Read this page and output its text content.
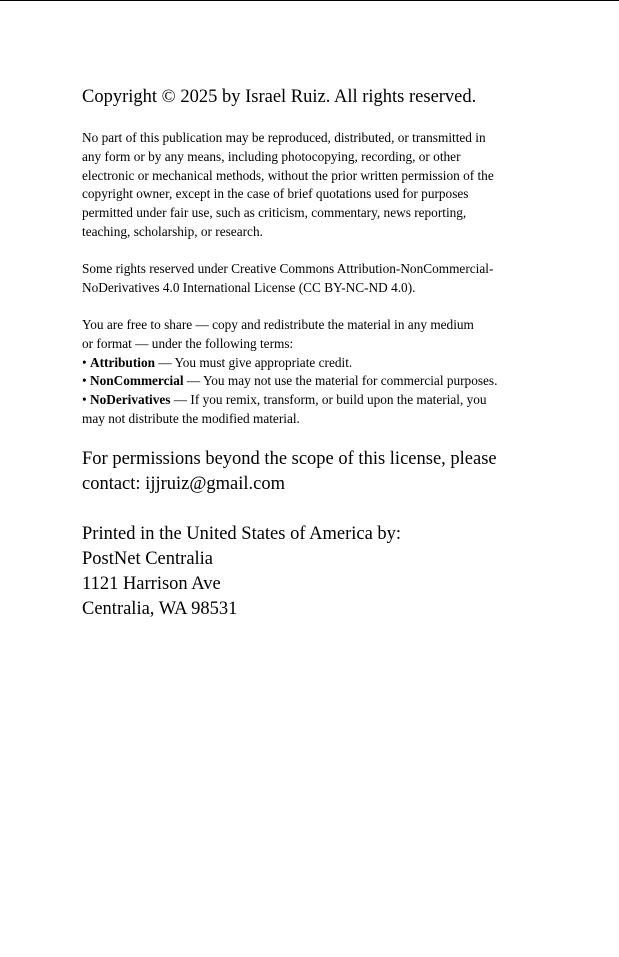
Copyright © 2025 by Israel Ruiz. All rights reserved.
No part of this publication may be reproduced, distributed, or transmitted in
any form or by any means, including photocopying, recording, or other
electronic or mechanical methods, without the prior written permission of the
copyright owner, except in the case of brief quotations used for purposes
permitted under fair use, such as criticism, commentary, news reporting,
teaching, scholarship, or research.
Some rights reserved under Creative Commons Attribution-NonCommercial-
NoDerivatives 4.0 International License (CC BY-NC-ND 4.0).
You are free to share — copy and redistribute the material in any medium
or format — under the following terms:
• Attribution — You must give appropriate credit.
• NonCommercial — You may not use the material for commercial purposes.
• NoDerivatives — If you remix, transform, or build upon the material, you
may not distribute the modified material.
For permissions beyond the scope of this license, please
contact: ijjruiz@gmail.com
Printed in the United States of America by:
PostNet Centralia
1121 Harrison Ave
Centralia, WA 98531
